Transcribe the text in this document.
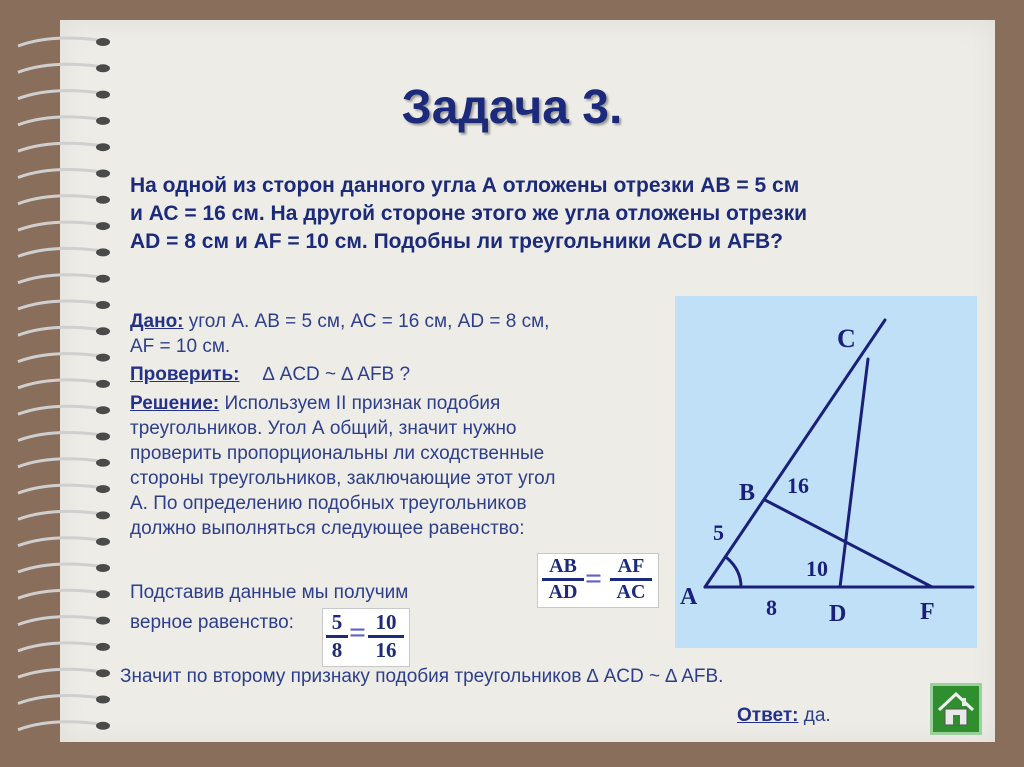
Задача 3.
На одной из сторон данного угла А отложены отрезки АВ = 5 см
и АС = 16 см. На другой стороне этого же угла отложены отрезки
AD = 8 см и AF = 10 см. Подобны ли треугольники ACD и AFB?
Дано: угол А. АВ = 5 см, АС = 16 см, AD = 8 см,
AF = 10 см.
Проверить: ∆ ACD ~ ∆ AFB ?
Решение: Используем II признак подобия
треугольников. Угол А общий, значит нужно
проверить пропорциональны ли сходственные
стороны треугольников, заключающие этот угол
А. По определению подобных треугольников
должно выполняться следующее равенство:
AB
AD = AF
AC
Подставив данные мы получим
верное равенство:	5
8
= 10
16
Значит по второму признаку подобия треугольников ∆ ACD ~ ∆ AFB.
Ответ: да.
C
B
A
D	F
5
16
8
10
